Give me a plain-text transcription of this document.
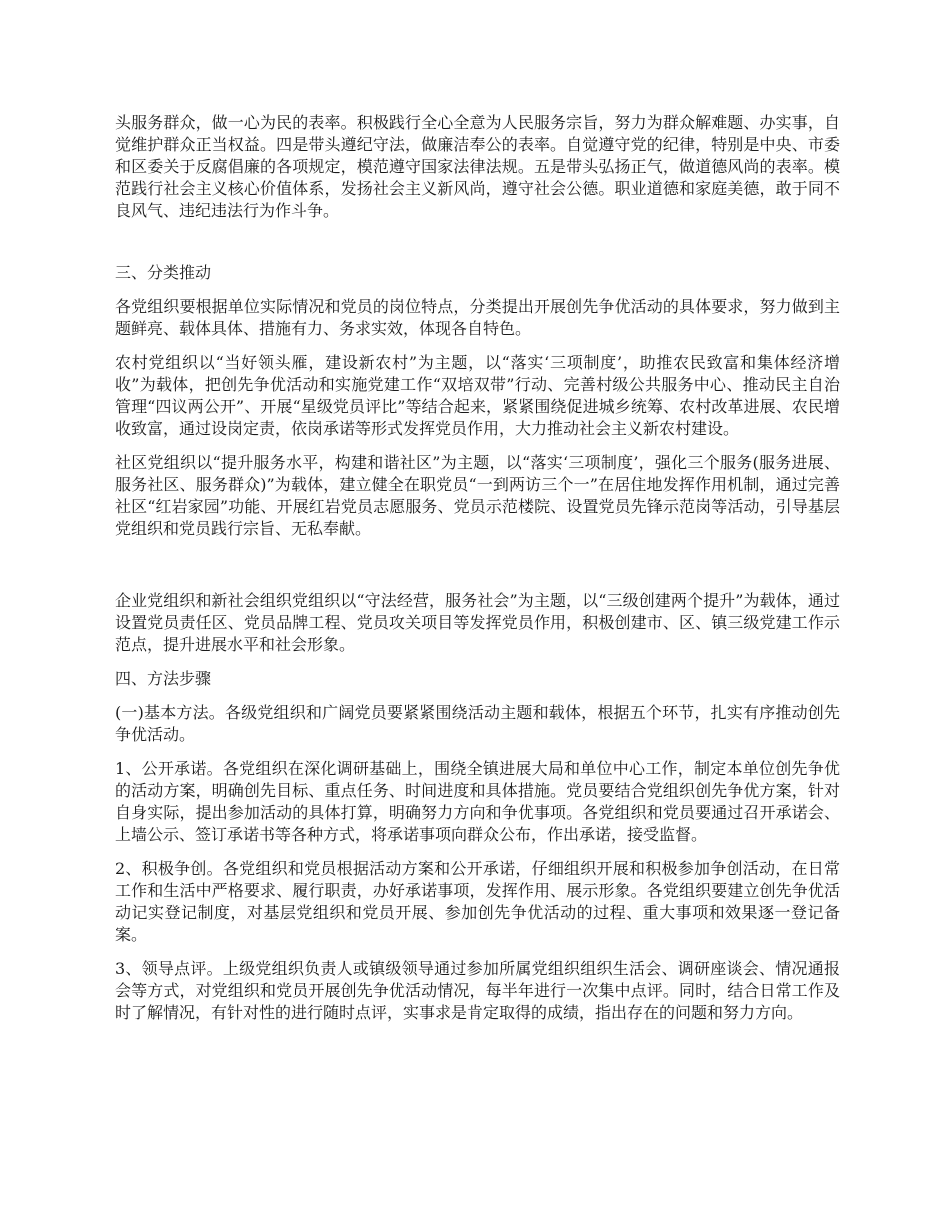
头服务群众，做一心为民的表率。积极践行全心全意为人民服务宗旨，努力为群众解难题、办实事，自觉维护群众正当权益。四是带头遵纪守法，做廉洁奉公的表率。自觉遵守党的纪律，特别是中央、市委和区委关于反腐倡廉的各项规定，模范遵守国家法律法规。五是带头弘扬正气，做道德风尚的表率。模范践行社会主义核心价值体系，发扬社会主义新风尚，遵守社会公德。职业道德和家庭美德，敢于同不良风气、违纪违法行为作斗争。

三、分类推动

各党组织要根据单位实际情况和党员的岗位特点，分类提出开展创先争优活动的具体要求，努力做到主题鲜亮、载体具体、措施有力、务求实效，体现各自特色。

农村党组织以“当好领头雁，建设新农村”为主题，以“落实‘三项制度’，助推农民致富和集体经济增收”为载体，把创先争优活动和实施党建工作“双培双带”行动、完善村级公共服务中心、推动民主自治管理“四议两公开”、开展“星级党员评比”等结合起来，紧紧围绕促进城乡统筹、农村改革进展、农民增收致富，通过设岗定责，依岗承诺等形式发挥党员作用，大力推动社会主义新农村建设。

社区党组织以“提升服务水平，构建和谐社区”为主题，以“落实‘三项制度’，强化三个服务(服务进展、服务社区、服务群众)”为载体，建立健全在职党员“一到两访三个一”在居住地发挥作用机制，通过完善社区“红岩家园”功能、开展红岩党员志愿服务、党员示范楼院、设置党员先锋示范岗等活动，引导基层党组织和党员践行宗旨、无私奉献。

企业党组织和新社会组织党组织以“守法经营，服务社会”为主题，以“三级创建两个提升”为载体，通过设置党员责任区、党员品牌工程、党员攻关项目等发挥党员作用，积极创建市、区、镇三级党建工作示范点，提升进展水平和社会形象。

四、方法步骤

(一)基本方法。各级党组织和广阔党员要紧紧围绕活动主题和载体，根据五个环节，扎实有序推动创先争优活动。

1、公开承诺。各党组织在深化调研基础上，围绕全镇进展大局和单位中心工作，制定本单位创先争优的活动方案，明确创先目标、重点任务、时间进度和具体措施。党员要结合党组织创先争优方案，针对自身实际，提出参加活动的具体打算，明确努力方向和争优事项。各党组织和党员要通过召开承诺会、上墙公示、签订承诺书等各种方式，将承诺事项向群众公布，作出承诺，接受监督。

2、积极争创。各党组织和党员根据活动方案和公开承诺，仔细组织开展和积极参加争创活动，在日常工作和生活中严格要求、履行职责，办好承诺事项，发挥作用、展示形象。各党组织要建立创先争优活动记实登记制度，对基层党组织和党员开展、参加创先争优活动的过程、重大事项和效果逐一登记备案。

3、领导点评。上级党组织负责人或镇级领导通过参加所属党组织组织生活会、调研座谈会、情况通报会等方式，对党组织和党员开展创先争优活动情况，每半年进行一次集中点评。同时，结合日常工作及时了解情况，有针对性的进行随时点评，实事求是肯定取得的成绩，指出存在的问题和努力方向。
